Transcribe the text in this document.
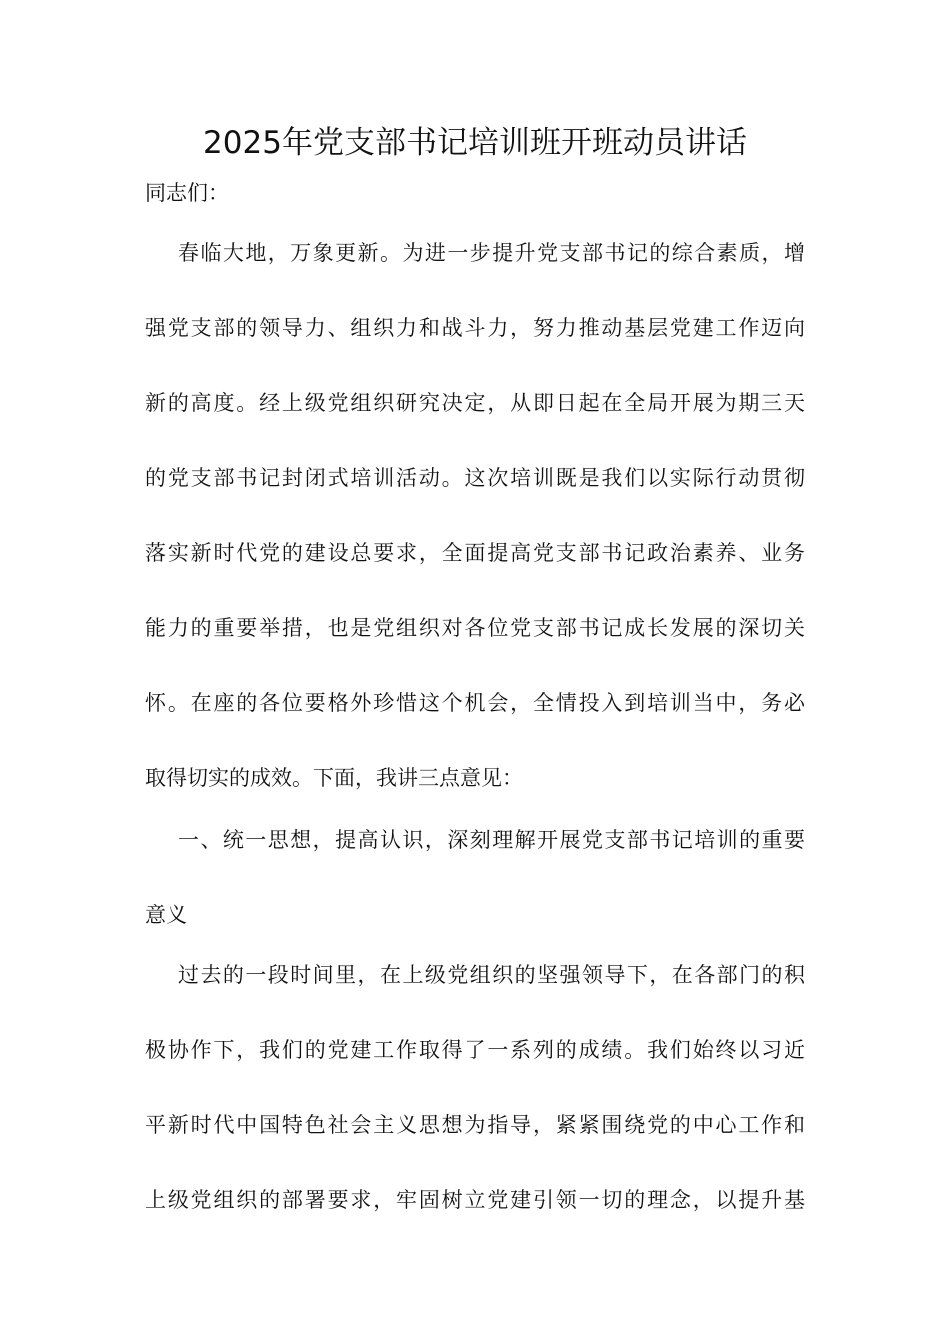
2025年党支部书记培训班开班动员讲话
同志们：
春临大地，万象更新。为进一步提升党支部书记的综合素质，增
强党支部的领导力、组织力和战斗力，努力推动基层党建工作迈向
新的高度。经上级党组织研究决定，从即日起在全局开展为期三天
的党支部书记封闭式培训活动。这次培训既是我们以实际行动贯彻
落实新时代党的建设总要求，全面提高党支部书记政治素养、业务
能力的重要举措，也是党组织对各位党支部书记成长发展的深切关
怀。在座的各位要格外珍惜这个机会，全情投入到培训当中，务必
取得切实的成效。下面，我讲三点意见：
一、统一思想，提高认识，深刻理解开展党支部书记培训的重要
意义
过去的一段时间里，在上级党组织的坚强领导下，在各部门的积
极协作下，我们的党建工作取得了一系列的成绩。我们始终以习近
平新时代中国特色社会主义思想为指导，紧紧围绕党的中心工作和
上级党组织的部署要求，牢固树立党建引领一切的理念，以提升基
